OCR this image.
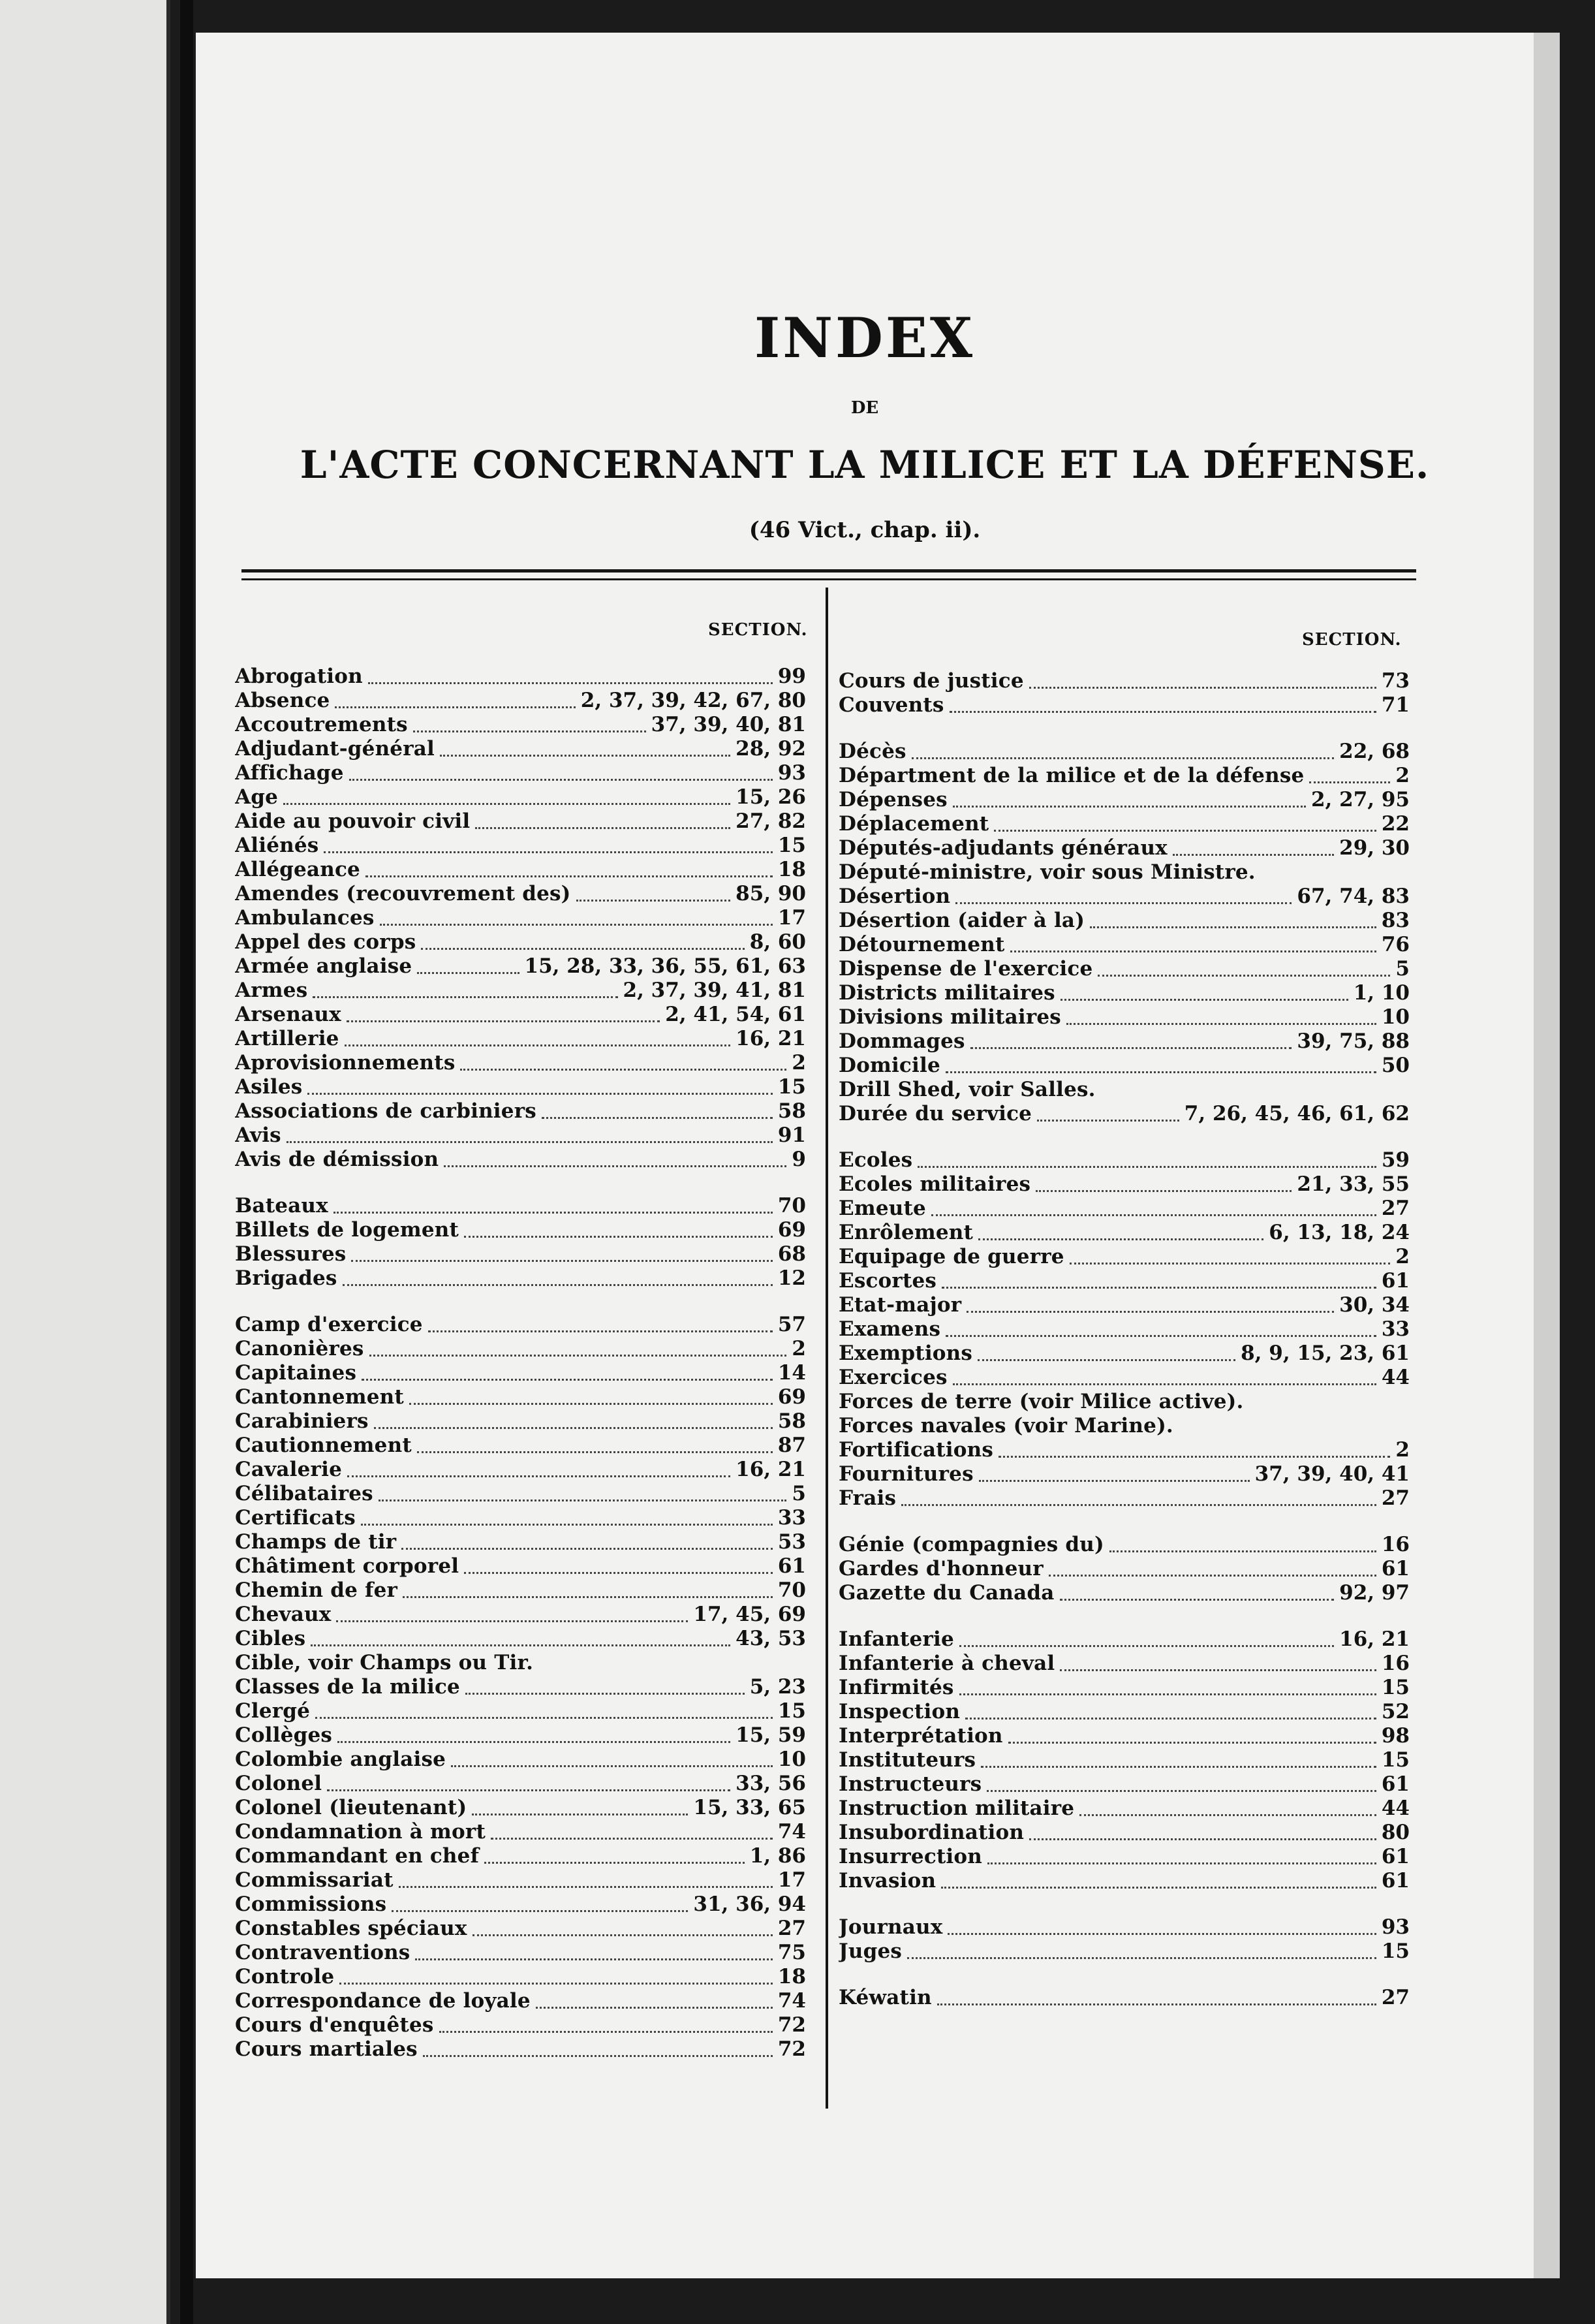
INDEX
DE
L'ACTE CONCERNANT LA MILICE ET LA DÉFENSE.
(46 Vict., chap. ii).
SECTION.	SECTION.
Abrogation	99
Absence	2, 37, 39, 42, 67, 80
Accoutrements	37, 39, 40, 81
Adjudant-général	28, 92
Affichage	93
Age	15, 26
Aide au pouvoir civil	27, 82
Aliénés	15
Allégeance	18
Amendes (recouvrement des)	85, 90
Ambulances	17
Appel des corps	8, 60
Armée anglaise	15, 28, 33, 36, 55, 61, 63
Armes	2, 37, 39, 41, 81
Arsenaux	2, 41, 54, 61
Artillerie	16, 21
Aprovisionnements	2
Asiles	15
Associations de carbiniers	58
Avis	91
Avis de démission	9
Bateaux	70
Billets de logement	69
Blessures	68
Brigades	12
Camp d'exercice	57
Canonières	2
Capitaines	14
Cantonnement	69
Carabiniers	58
Cautionnement	87
Cavalerie	16, 21
Célibataires	5
Certificats	33
Champs de tir	53
Châtiment corporel	61
Chemin de fer	70
Chevaux	17, 45, 69
Cibles	43, 53
Cible, voir Champs ou Tir.
Classes de la milice	5, 23
Clergé	15
Collèges	15, 59
Colombie anglaise	10
Colonel	33, 56
Colonel (lieutenant)	15, 33, 65
Condamnation à mort	74
Commandant en chef	1, 86
Commissariat	17
Commissions	31, 36, 94
Constables spéciaux	27
Contraventions	75
Controle	18
Correspondance de loyale	74
Cours d'enquêtes	72
Cours martiales	72
Cours de justice	73
Couvents	71
Décès	22, 68
Départment de la milice et de la défense	2
Dépenses	2, 27, 95
Déplacement	22
Députés-adjudants généraux	29, 30
Député-ministre, voir sous Ministre.
Désertion	67, 74, 83
Désertion (aider à la)	83
Détournement	76
Dispense de l'exercice	5
Districts militaires	1, 10
Divisions militaires	10
Dommages	39, 75, 88
Domicile	50
Drill Shed, voir Salles.
Durée du service	7, 26, 45, 46, 61, 62
Ecoles	59
Ecoles militaires	21, 33, 55
Emeute	27
Enrôlement	6, 13, 18, 24
Equipage de guerre	2
Escortes	61
Etat-major	30, 34
Examens	33
Exemptions	8, 9, 15, 23, 61
Exercices	44
Forces de terre (voir Milice active).
Forces navales (voir Marine).
Fortifications	2
Fournitures	37, 39, 40, 41
Frais	27
Génie (compagnies du)	16
Gardes d'honneur	61
Gazette du Canada	92, 97
Infanterie	16, 21
Infanterie à cheval	16
Infirmités	15
Inspection	52
Interprétation	98
Instituteurs	15
Instructeurs	61
Instruction militaire	44
Insubordination	80
Insurrection	61
Invasion	61
Journaux	93
Juges	15
Kéwatin	27
